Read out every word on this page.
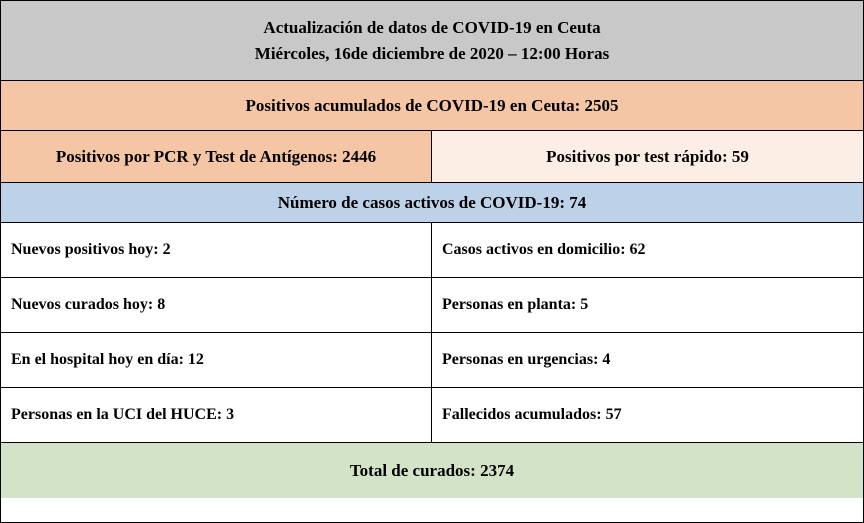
Actualización de datos de COVID-19 en Ceuta
Miércoles, 16de diciembre de 2020 – 12:00 Horas
Positivos acumulados de COVID-19 en Ceuta: 2505
Positivos por PCR y Test de Antígenos: 2446	Positivos por test rápido: 59
Número de casos activos de COVID-19: 74
Nuevos positivos hoy: 2	Casos activos en domicilio: 62
Nuevos curados hoy: 8	Personas en planta: 5
En el hospital hoy en día: 12	Personas en urgencias: 4
Personas en la UCI del HUCE: 3	Fallecidos acumulados: 57
Total de curados: 2374
